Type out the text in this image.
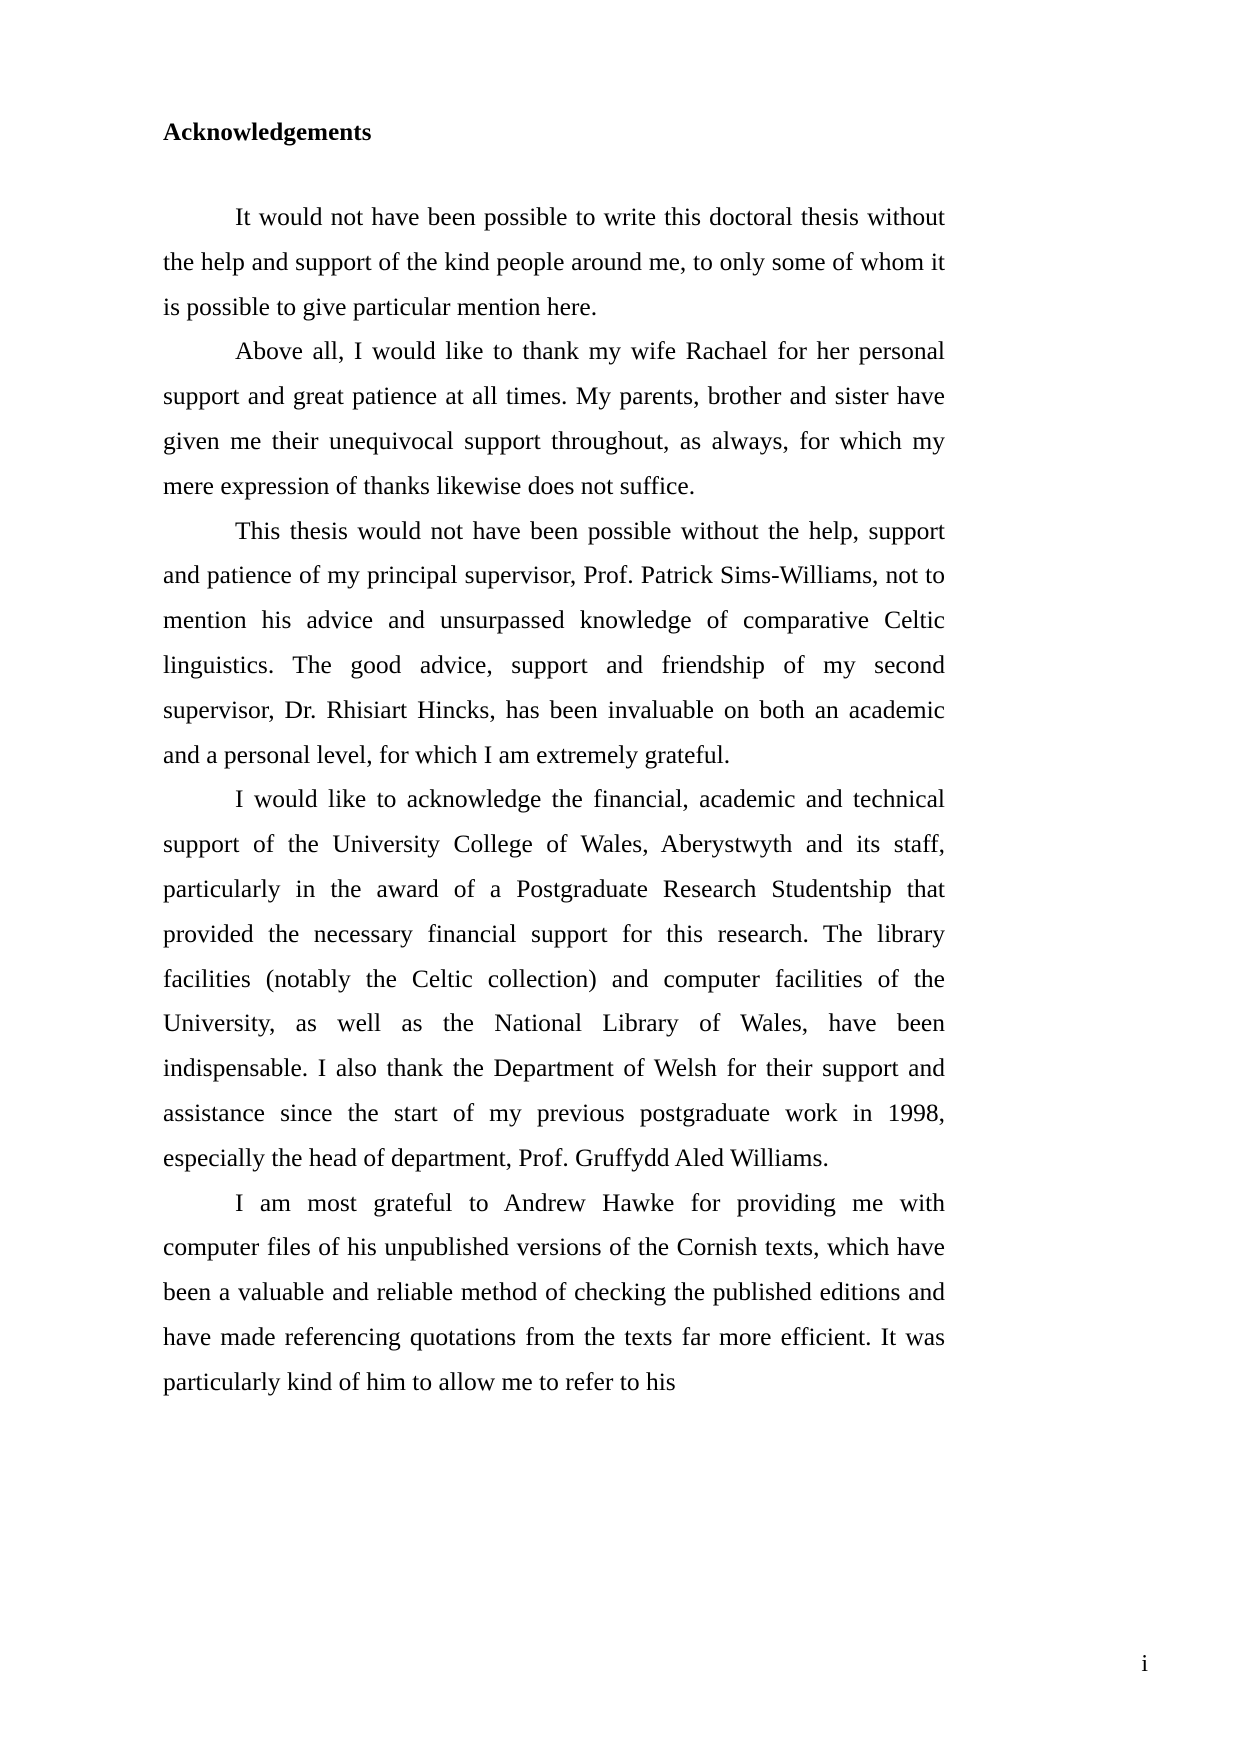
Acknowledgements

It would not have been possible to write this doctoral thesis without the help and support of the kind people around me, to only some of whom it is possible to give particular mention here.

Above all, I would like to thank my wife Rachael for her personal support and great patience at all times. My parents, brother and sister have given me their unequivocal support throughout, as always, for which my mere expression of thanks likewise does not suffice.

This thesis would not have been possible without the help, support and patience of my principal supervisor, Prof. Patrick Sims-Williams, not to mention his advice and unsurpassed knowledge of comparative Celtic linguistics. The good advice, support and friendship of my second supervisor, Dr. Rhisiart Hincks, has been invaluable on both an academic and a personal level, for which I am extremely grateful.

I would like to acknowledge the financial, academic and technical support of the University College of Wales, Aberystwyth and its staff, particularly in the award of a Postgraduate Research Studentship that provided the necessary financial support for this research. The library facilities (notably the Celtic collection) and computer facilities of the University, as well as the National Library of Wales, have been indispensable. I also thank the Department of Welsh for their support and assistance since the start of my previous postgraduate work in 1998, especially the head of department, Prof. Gruffydd Aled Williams.

I am most grateful to Andrew Hawke for providing me with computer files of his unpublished versions of the Cornish texts, which have been a valuable and reliable method of checking the published editions and have made referencing quotations from the texts far more efficient. It was particularly kind of him to allow me to refer to his

i
